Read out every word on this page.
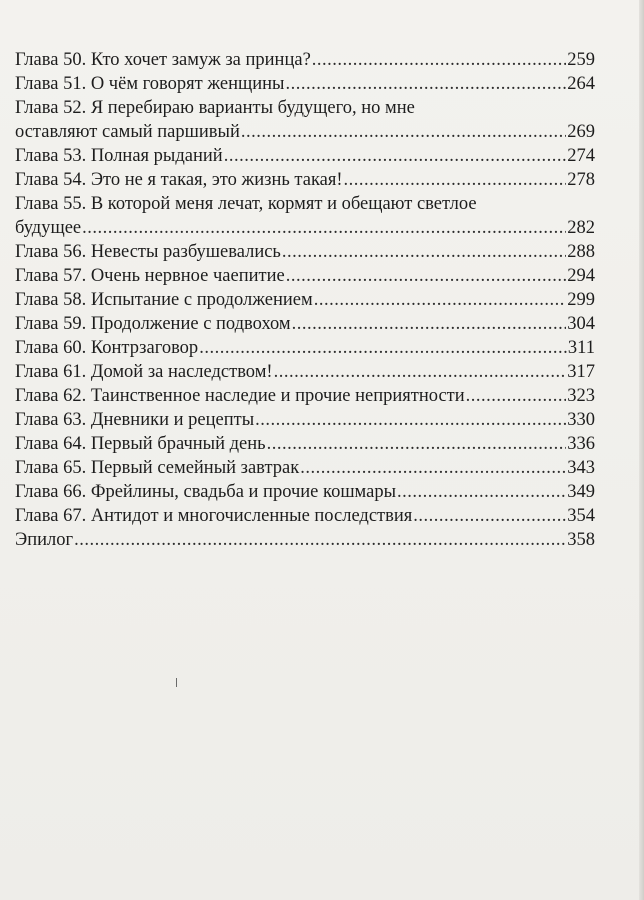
Глава 50. Кто хочет замуж за принца? .....	259
Глава 51. О чём говорят женщины .....	264
Глава 52. Я перебираю варианты будущего, но мне
оставляют самый паршивый .....	269
Глава 53. Полная рыданий .....	274
Глава 54. Это не я такая, это жизнь такая! .....	278
Глава 55. В которой меня лечат, кормят и обещают светлое
будущее .....	282
Глава 56. Невесты разбушевались .....	288
Глава 57. Очень нервное чаепитие .....	294
Глава 58. Испытание с продолжением .....	299
Глава 59. Продолжение с подвохом .....	304
Глава 60. Контрзаговор .....	311
Глава 61. Домой за наследством! .....	317
Глава 62. Таинственное наследие и прочие неприятности .....	323
Глава 63. Дневники и рецепты .....	330
Глава 64. Первый брачный день .....	336
Глава 65. Первый семейный завтрак .....	343
Глава 66. Фрейлины, свадьба и прочие кошмары .....	349
Глава 67. Антидот и многочисленные последствия .....	354
Эпилог .....	358
